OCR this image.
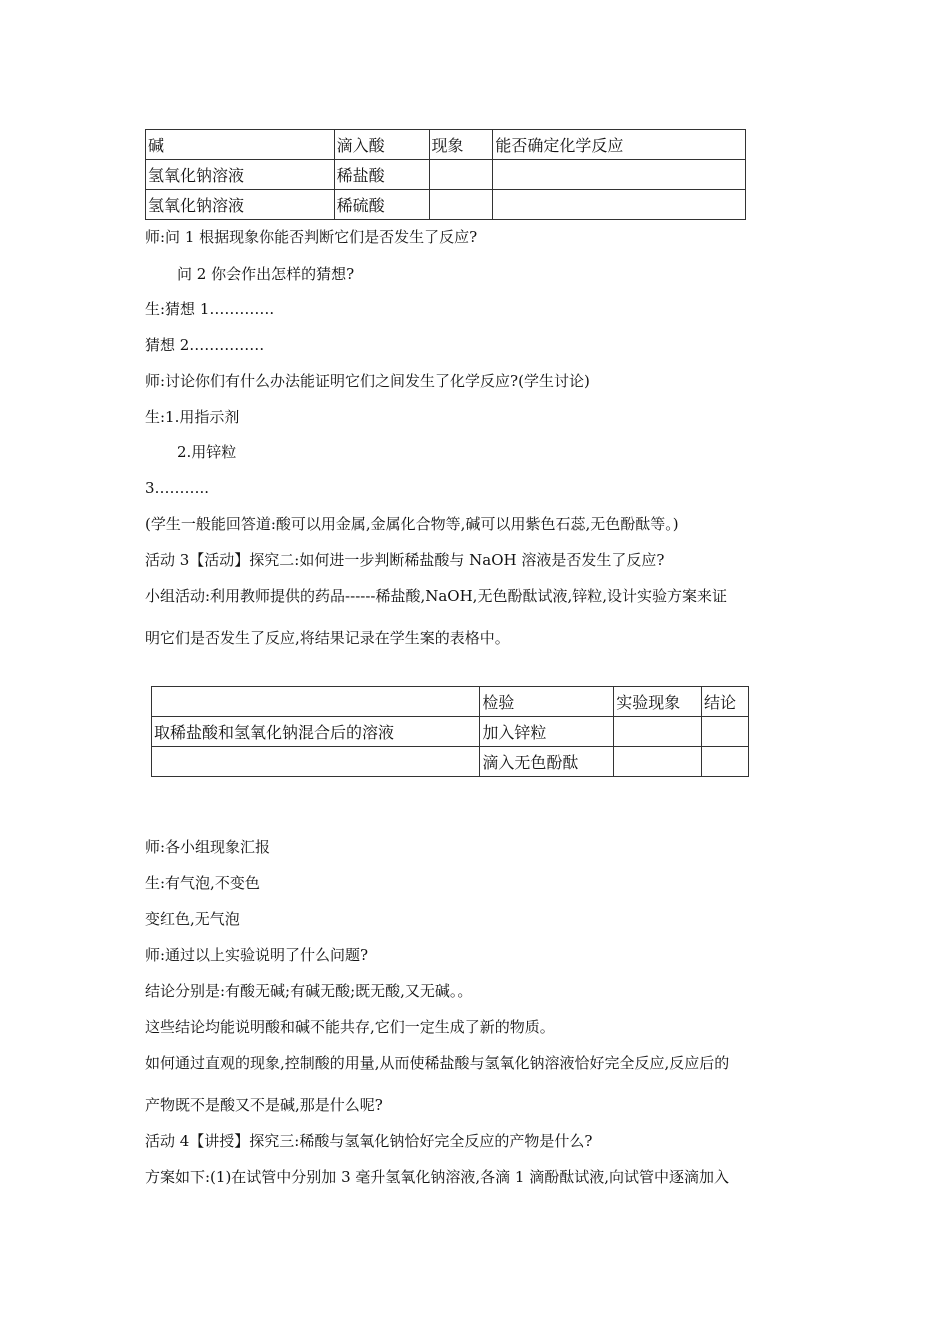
碱	滴入酸	现象	能否确定化学反应
氢氧化钠溶液	稀盐酸		
氢氧化钠溶液	稀硫酸		
师:问 1 根据现象你能否判断它们是否发生了反应?
问 2 你会作出怎样的猜想?
生:猜想 1………….
猜想 2……………
师:讨论你们有什么办法能证明它们之间发生了化学反应?(学生讨论)
生:1.用指示剂
2.用锌粒
3………..
(学生一般能回答道:酸可以用金属,金属化合物等,碱可以用紫色石蕊,无色酚酞等。)
活动 3【活动】探究二:如何进一步判断稀盐酸与 NaOH 溶液是否发生了反应?
小组活动:利用教师提供的药品------稀盐酸,NaOH,无色酚酞试液,锌粒,设计实验方案来证
明它们是否发生了反应,将结果记录在学生案的表格中。
	检验	实验现象	结论
取稀盐酸和氢氧化钠混合后的溶液	加入锌粒		
	滴入无色酚酞		
师:各小组现象汇报
生:有气泡,不变色
变红色,无气泡
师:通过以上实验说明了什么问题?
结论分别是:有酸无碱;有碱无酸;既无酸,又无碱。。
这些结论均能说明酸和碱不能共存,它们一定生成了新的物质。
如何通过直观的现象,控制酸的用量,从而使稀盐酸与氢氧化钠溶液恰好完全反应,反应后的
产物既不是酸又不是碱,那是什么呢?
活动 4【讲授】探究三:稀酸与氢氧化钠恰好完全反应的产物是什么?
方案如下:(1)在试管中分别加 3 毫升氢氧化钠溶液,各滴 1 滴酚酞试液,向试管中逐滴加入
